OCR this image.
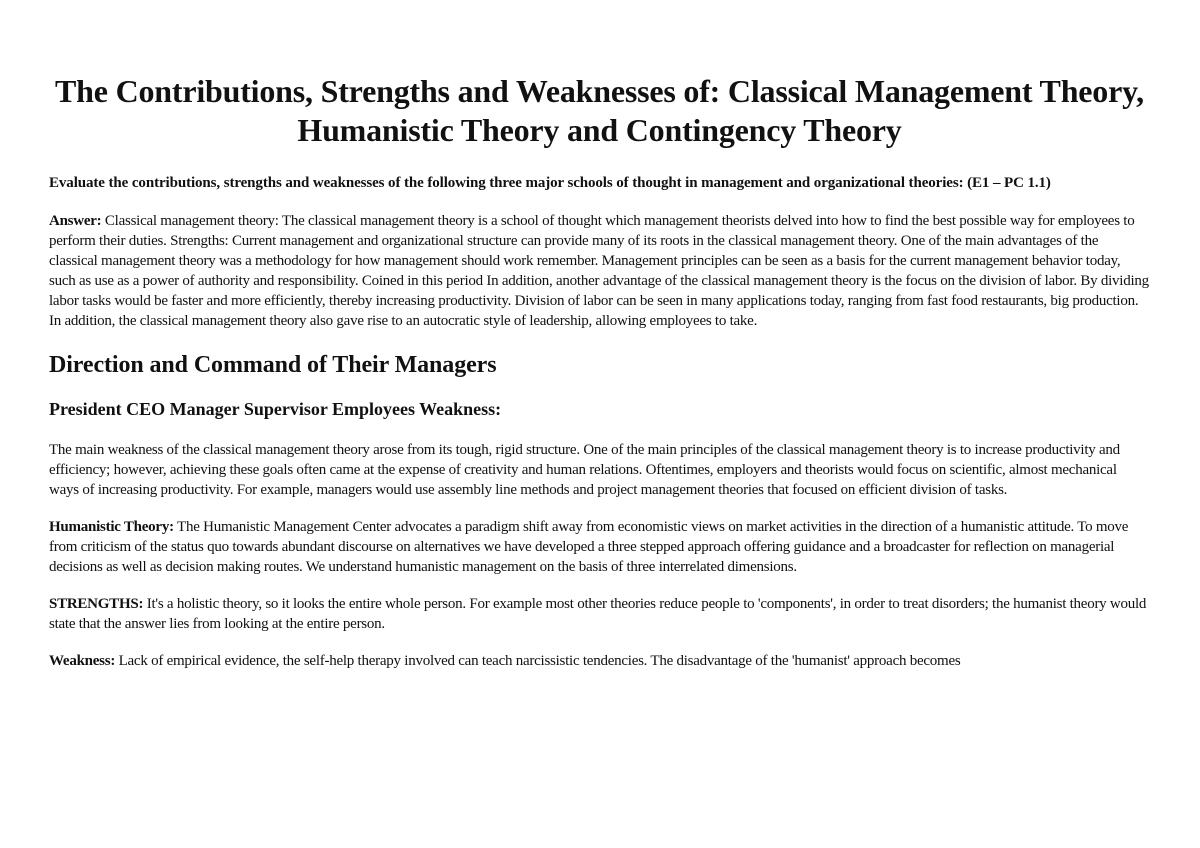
The Contributions, Strengths and Weaknesses of: Classical Management Theory, Humanistic Theory and Contingency Theory
Evaluate the contributions, strengths and weaknesses of the following three major schools of thought in management and organizational theories: (E1 – PC 1.1)

Answer: Classical management theory: The classical management theory is a school of thought which management theorists delved into how to find the best possible way for employees to perform their duties. Strengths: Current management and organizational structure can provide many of its roots in the classical management theory. One of the main advantages of the classical management theory was a methodology for how management should work remember. Management principles can be seen as a basis for the current management behavior today, such as use as a power of authority and responsibility. Coined in this period In addition, another advantage of the classical management theory is the focus on the division of labor. By dividing labor tasks would be faster and more efficiently, thereby increasing productivity. Division of labor can be seen in many applications today, ranging from fast food restaurants, big production. In addition, the classical management theory also gave rise to an autocratic style of leadership, allowing employees to take.

Direction and Command of Their Managers
President CEO Manager Supervisor Employees Weakness:

The main weakness of the classical management theory arose from its tough, rigid structure. One of the main principles of the classical management theory is to increase productivity and efficiency; however, achieving these goals often came at the expense of creativity and human relations. Oftentimes, employers and theorists would focus on scientific, almost mechanical ways of increasing productivity. For example, managers would use assembly line methods and project management theories that focused on efficient division of tasks.

Humanistic Theory: The Humanistic Management Center advocates a paradigm shift away from economistic views on market activities in the direction of a humanistic attitude. To move from criticism of the status quo towards abundant discourse on alternatives we have developed a three stepped approach offering guidance and a broadcaster for reflection on managerial decisions as well as decision making routes. We understand humanistic management on the basis of three interrelated dimensions.

STRENGTHS: It's a holistic theory, so it looks the entire whole person. For example most other theories reduce people to 'components', in order to treat disorders; the humanist theory would state that the answer lies from looking at the entire person.

Weakness: Lack of empirical evidence, the self-help therapy involved can teach narcissistic tendencies. The disadvantage of the 'humanist' approach becomes
